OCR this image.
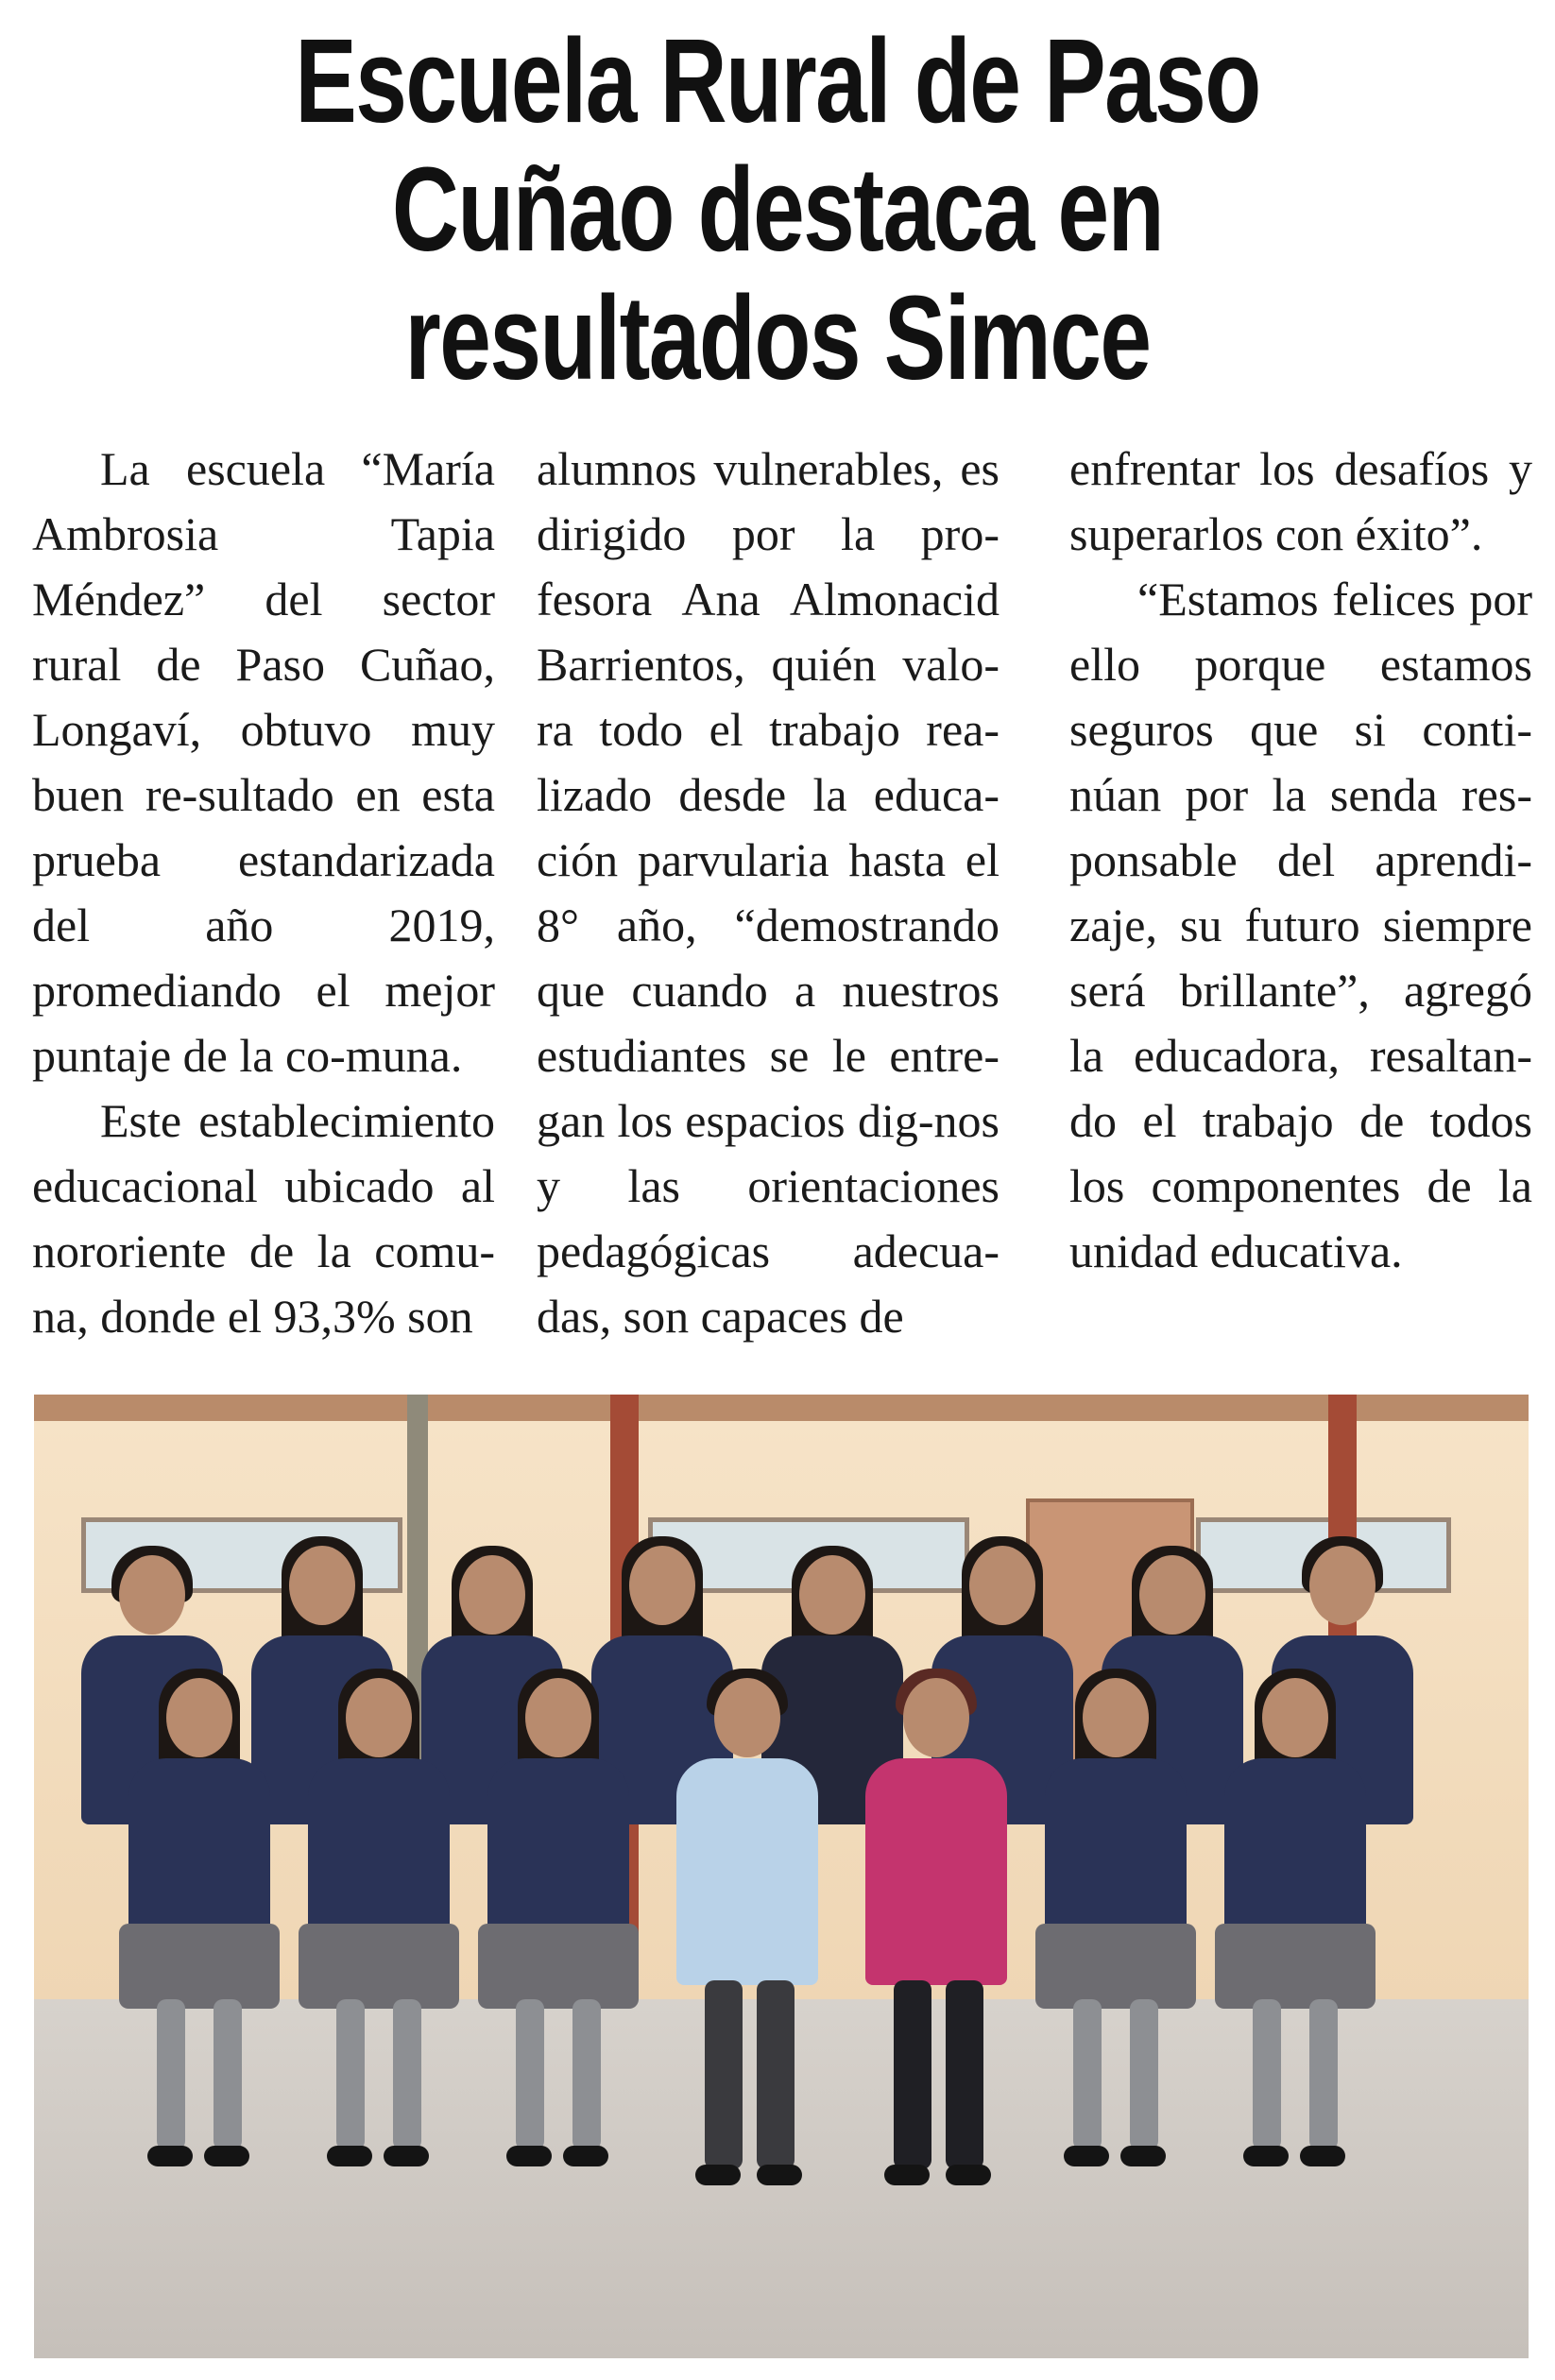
Escuela Rural de Paso
Cuñao destaca en
resultados Simce

La escuela “María Ambrosia Tapia Méndez” del sector rural de Paso Cuñao, Longaví, obtuvo muy buen re-sultado en esta prueba estandarizada del año 2019, promediando el mejor puntaje de la co-muna.

Este establecimiento educacional ubicado al nororiente de la comu-na, donde el 93,3% son

alumnos vulnerables, es dirigido por la pro-fesora Ana Almonacid Barrientos, quién valo-ra todo el trabajo rea-lizado desde la educa-ción parvularia hasta el 8° año, “demostrando que cuando a nuestros estudiantes se le entre-gan los espacios dig-nos y las orientaciones pedagógicas adecua-das, son capaces de

enfrentar los desafíos y superarlos con éxito”.

“Estamos felices por ello porque estamos seguros que si conti-núan por la senda res-ponsable del aprendi-zaje, su futuro siempre será brillante”, agregó la educadora, resaltan-do el trabajo de todos los componentes de la unidad educativa.
